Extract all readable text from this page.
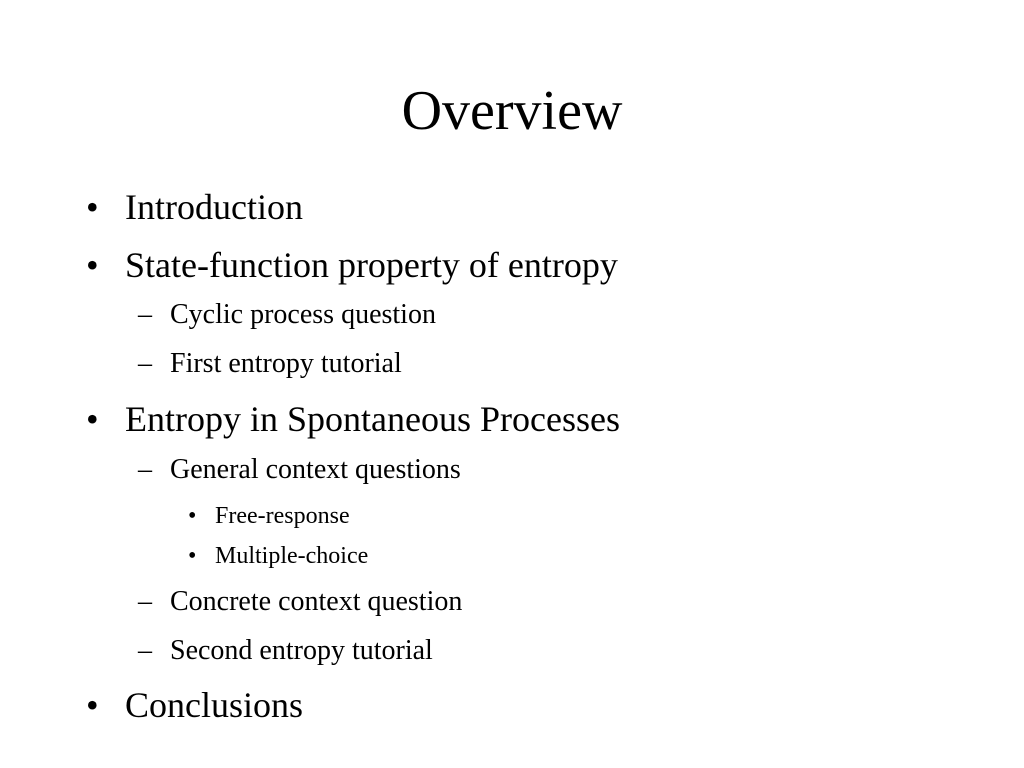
Overview
• Introduction
• State-function property of entropy
– Cyclic process question
– First entropy tutorial
• Entropy in Spontaneous Processes
– General context questions
• Free-response
• Multiple-choice
– Concrete context question
– Second entropy tutorial
• Conclusions
